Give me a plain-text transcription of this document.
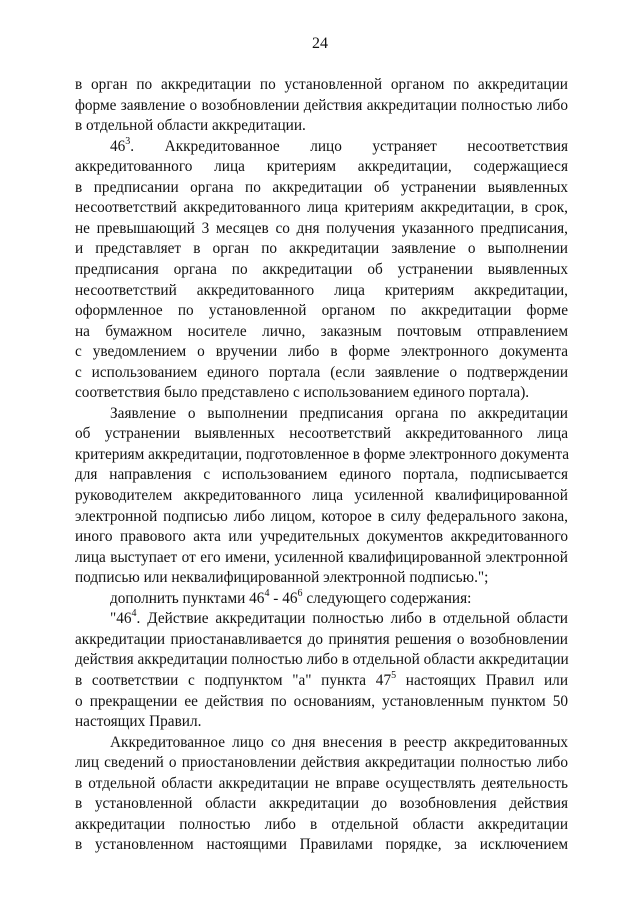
24
в орган по аккредитации по установленной органом по аккредитации
форме заявление о возобновлении действия аккредитации полностью либо
в отдельной области аккредитации.
$46^3$. Аккредитованное лицо устраняет несоответствия
аккредитованного лица критериям аккредитации, содержащиеся
в предписании органа по аккредитации об устранении выявленных
несоответствий аккредитованного лица критериям аккредитации, в срок,
не превышающий 3 месяцев со дня получения указанного предписания,
и представляет в орган по аккредитации заявление о выполнении
предписания органа по аккредитации об устранении выявленных
несоответствий аккредитованного лица критериям аккредитации,
оформленное по установленной органом по аккредитации форме
на бумажном носителе лично, заказным почтовым отправлением
с уведомлением о вручении либо в форме электронного документа
с использованием единого портала (если заявление о подтверждении
соответствия было представлено с использованием единого портала).
Заявление о выполнении предписания органа по аккредитации
об устранении выявленных несоответствий аккредитованного лица
критериям аккредитации, подготовленное в форме электронного документа
для направления с использованием единого портала, подписывается
руководителем аккредитованного лица усиленной квалифицированной
электронной подписью либо лицом, которое в силу федерального закона,
иного правового акта или учредительных документов аккредитованного
лица выступает от его имени, усиленной квалифицированной электронной
подписью или неквалифицированной электронной подписью.";
дополнить пунктами $46^4 - 46^6$ следующего содержания:
"$46^4$. Действие аккредитации полностью либо в отдельной области
аккредитации приостанавливается до принятия решения о возобновлении
действия аккредитации полностью либо в отдельной области аккредитации
в соответствии с подпунктом "а" пункта $47^5$ настоящих Правил или
о прекращении ее действия по основаниям, установленным пунктом 50
настоящих Правил.
Аккредитованное лицо со дня внесения в реестр аккредитованных
лиц сведений о приостановлении действия аккредитации полностью либо
в отдельной области аккредитации не вправе осуществлять деятельность
в установленной области аккредитации до возобновления действия
аккредитации полностью либо в отдельной области аккредитации
в установленном настоящими Правилами порядке, за исключением
